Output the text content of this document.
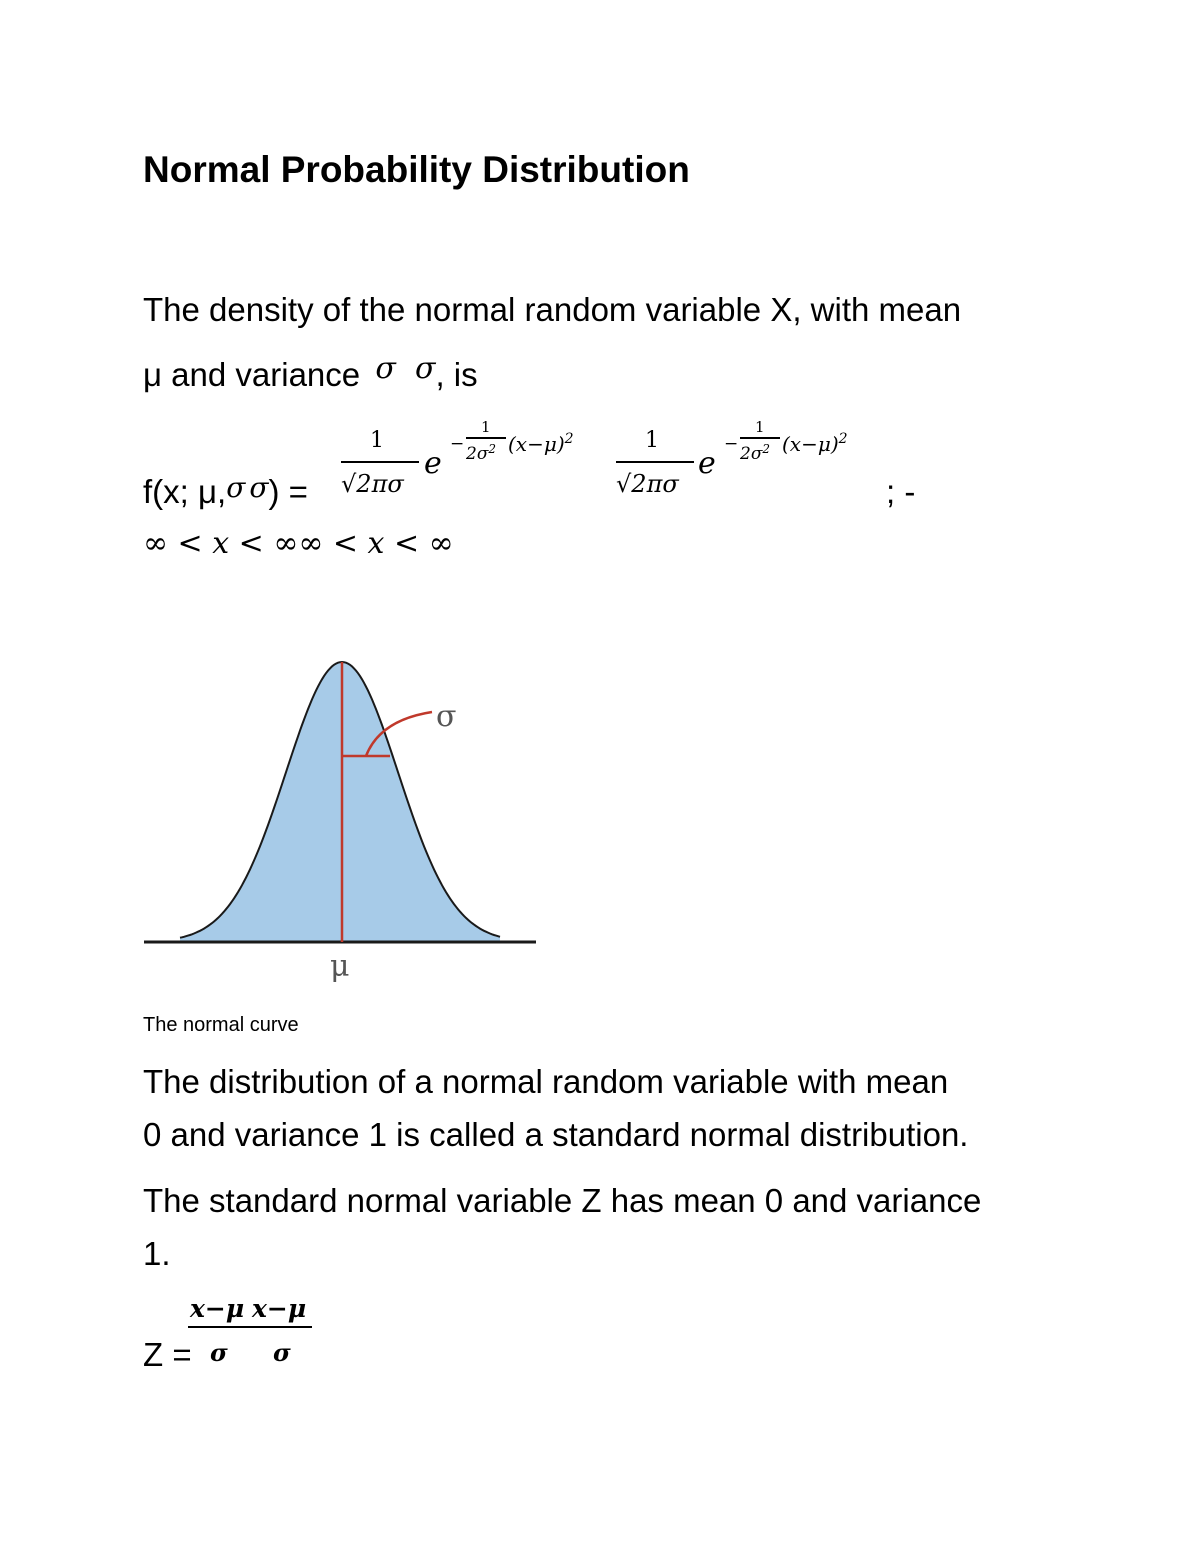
Normal Probability Distribution
The density of the normal random variable X, with mean
μ and variance σ σ, is
f(x; μ,σ σ) =
1
√2πσ
e
−
1
$2\sigma^2$ $(x-\mu)^2$	1
√2πσ
e
−
1
$2\sigma^2$ $(x-\mu)^2$
; -
∞ < x < ∞∞ < x < ∞
σ
μ
The normal curve
The distribution of a normal random variable with mean
0 and variance 1 is called a standard normal distribution.
The standard normal variable Z has mean 0 and variance
1.
Z =
x−μ x−μ
σ σ
